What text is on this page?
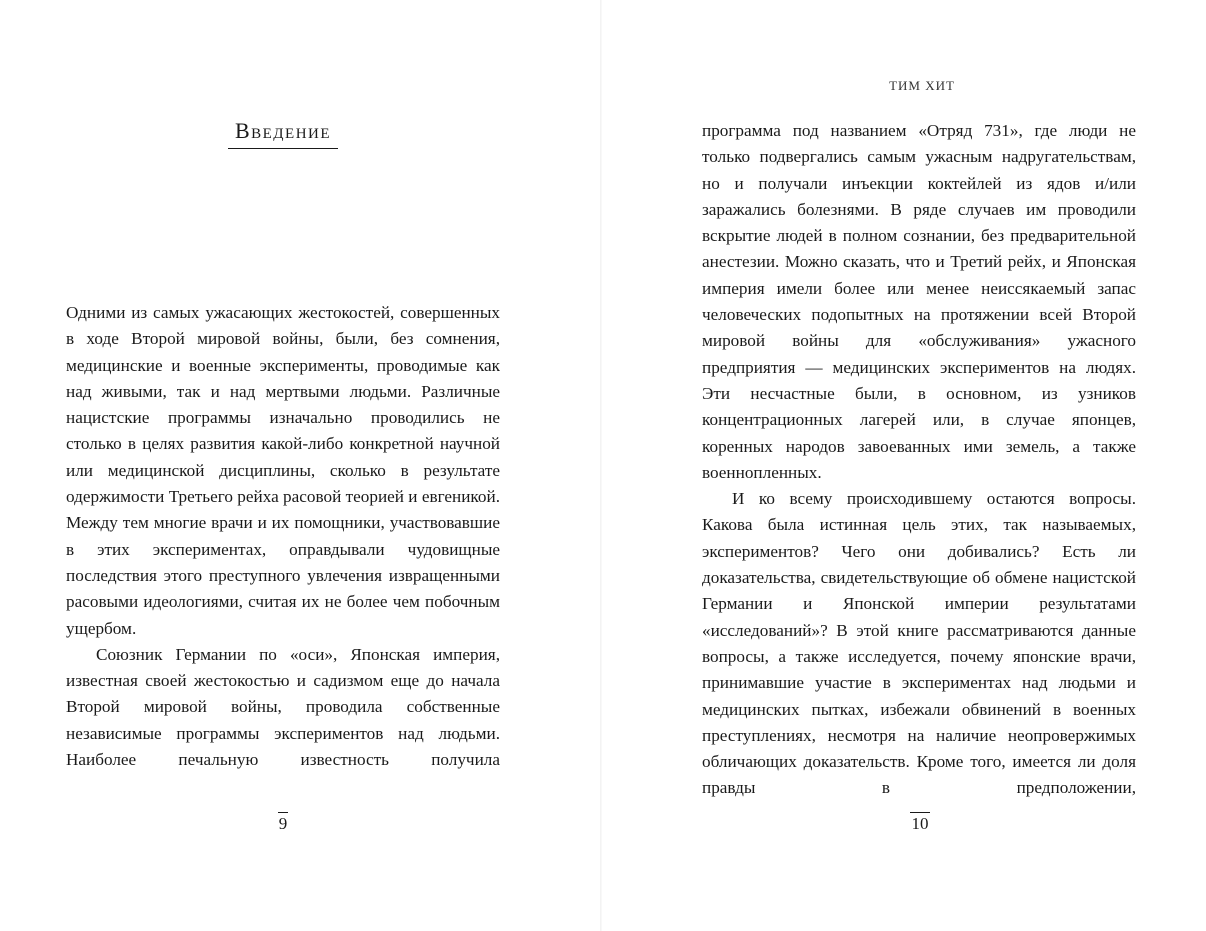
Введение

Одними из самых ужасающих жестокостей, совершенных в ходе Второй мировой войны, были, без сомнения, медицинские и военные эксперименты, проводимые как над живыми, так и над мертвыми людьми. Различные нацистские программы изначально проводились не столько в целях развития какой-либо конкретной научной или медицинской дисциплины, сколько в результате одержимости Третьего рейха расовой теорией и евгеникой. Между тем многие врачи и их помощники, участвовавшие в этих экспериментах, оправдывали чудовищные последствия этого преступного увлечения извращенными расовыми идеологиями, считая их не более чем побочным ущербом.

Союзник Германии по «оси», Японская империя, известная своей жестокостью и садизмом еще до начала Второй мировой войны, проводила собственные независимые программы экспериментов над людьми. Наиболее печальную известность получила

9
ТИМ ХИТ

программа под названием «Отряд 731», где люди не только подвергались самым ужасным надругательствам, но и получали инъекции коктейлей из ядов и/или заражались болезнями. В ряде случаев им проводили вскрытие людей в полном сознании, без предварительной анестезии. Можно сказать, что и Третий рейх, и Японская империя имели более или менее неиссякаемый запас человеческих подопытных на протяжении всей Второй мировой войны для «обслуживания» ужасного предприятия — медицинских экспериментов на людях. Эти несчастные были, в основном, из узников концентрационных лагерей или, в случае японцев, коренных народов завоеванных ими земель, а также военнопленных.

И ко всему происходившему остаются вопросы. Какова была истинная цель этих, так называемых, экспериментов? Чего они добивались? Есть ли доказательства, свидетельствующие об обмене нацистской Германии и Японской империи результатами «исследований»? В этой книге рассматриваются данные вопросы, а также исследуется, почему японские врачи, принимавшие участие в экспериментах над людьми и медицинских пытках, избежали обвинений в военных преступлениях, несмотря на наличие неопровержимых обличающих доказательств. Кроме того, имеется ли доля правды в предположении,

10
